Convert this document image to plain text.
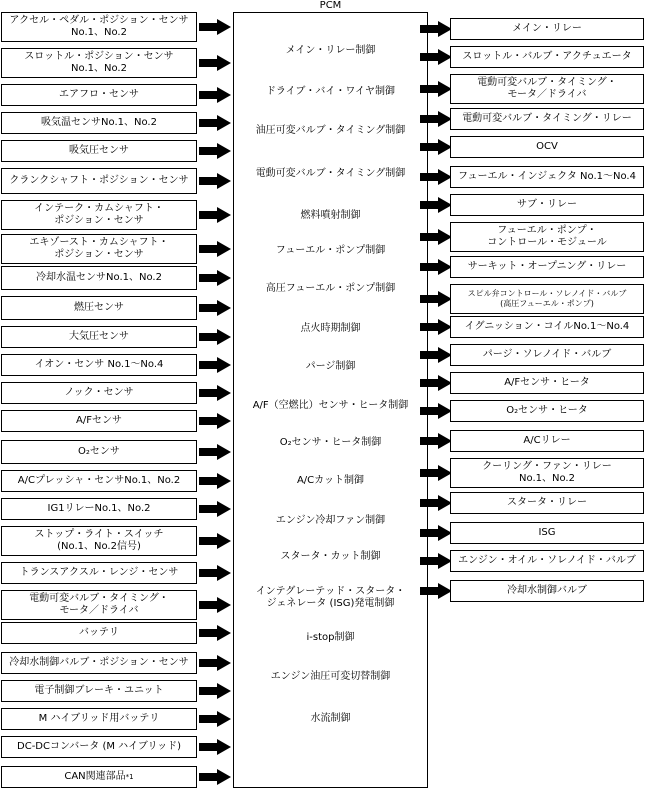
PCM
アクセル・ペダル・ポジション・センサ
No.1、No.2
スロットル・ポジション・センサ
No.1、No.2
エアフロ・センサ
吸気温センサNo.1、No.2
吸気圧センサ
クランクシャフト・ポジション・センサ
インテーク・カムシャフト・
ポジション・センサ
エキゾースト・カムシャフト・
ポジション・センサ
冷却水温センサNo.1、No.2
燃圧センサ
大気圧センサ
イオン・センサ No.1～No.4
ノック・センサ
A/Fセンサ
O₂センサ
A/Cプレッシャ・センサNo.1、No.2
IG1リレーNo.1、No.2
ストップ・ライト・スイッチ
(No.1、No.2信号)
トランスアクスル・レンジ・センサ
電動可変バルブ・タイミング・
モータ／ドライバ
バッテリ
冷却水制御バルブ・ポジション・センサ
電子制御ブレーキ・ユニット
M ハイブリッド用バッテリ
DC-DCコンバータ (M ハイブリッド)
CAN関連部品 *1
メイン・リレー制御
ドライブ・バイ・ワイヤ制御
油圧可変バルブ・タイミング制御
電動可変バルブ・タイミング制御
燃料噴射制御
フューエル・ポンプ制御
高圧フューエル・ポンプ制御
点火時期制御
パージ制御
A/F（空燃比）センサ・ヒータ制御
O₂センサ・ヒータ制御
A/Cカット制御
エンジン冷却ファン制御
スタータ・カット制御
インテグレーテッド・スタータ・
ジェネレータ (ISG)発電制御
i-stop制御
エンジン油圧可変切替制御
水流制御
メイン・リレー
スロットル・バルブ・アクチュエータ
電動可変バルブ・タイミング・
モータ／ドライバ
電動可変バルブ・タイミング・リレー
OCV
フューエル・インジェクタ No.1～No.4
サブ・リレー
フューエル・ポンプ・
コントロール・モジュール
サーキット・オープニング・リレー
スピル弁コントロール・ソレノイド・バルブ
(高圧フューエル・ポンプ)
イグニッション・コイルNo.1～No.4
パージ・ソレノイド・バルブ
A/Fセンサ・ヒータ
O₂センサ・ヒータ
A/Cリレー
クーリング・ファン・リレー
No.1、No.2
スタータ・リレー
ISG
エンジン・オイル・ソレノイド・バルブ
冷却水制御バルブ
